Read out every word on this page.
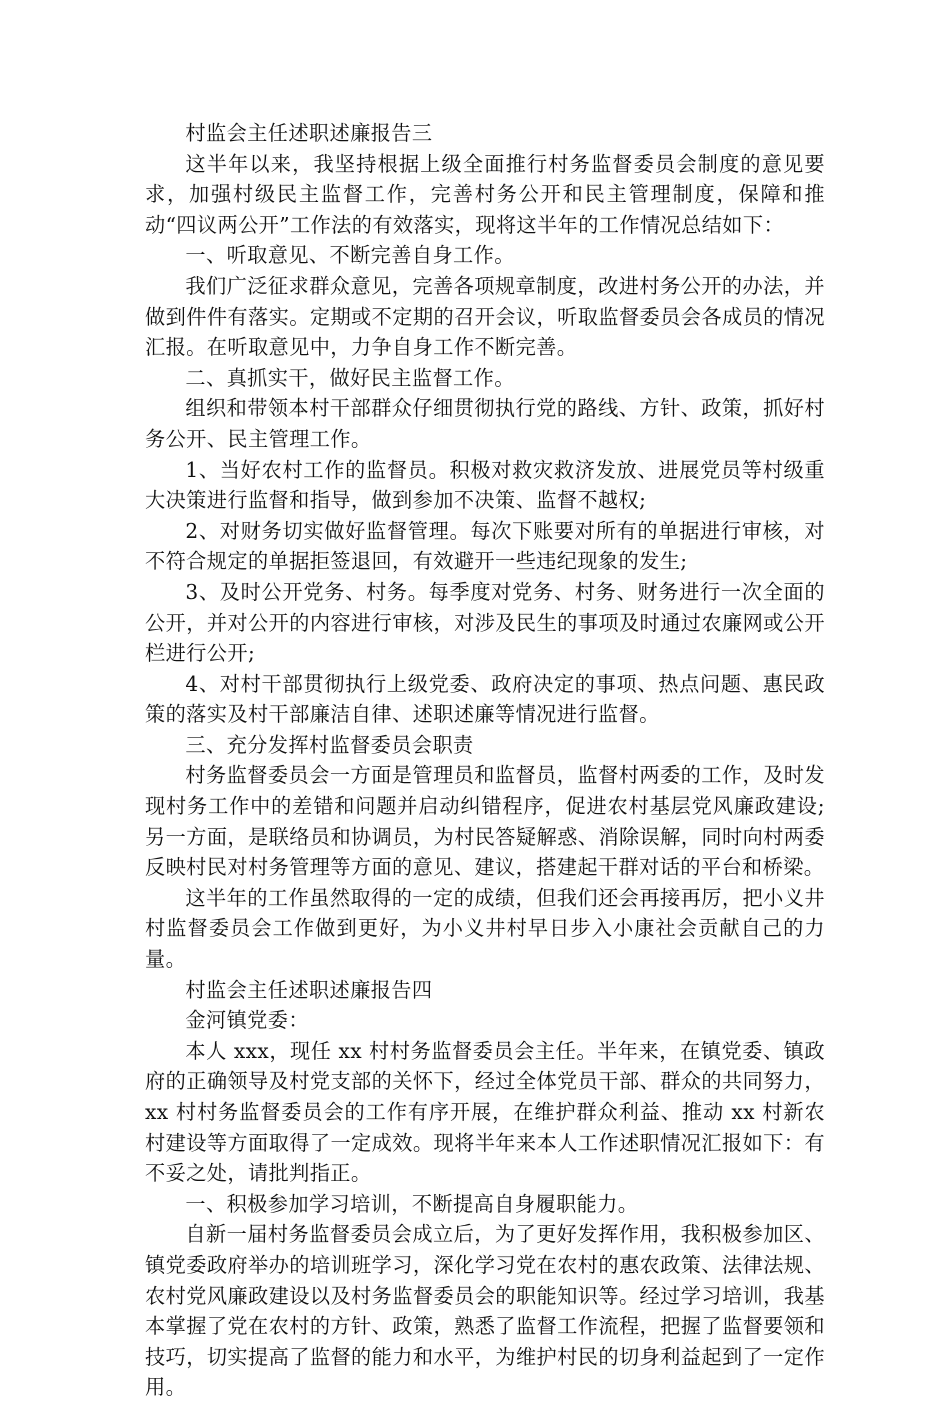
村监会主任述职述廉报告三

这半年以来，我坚持根据上级全面推行村务监督委员会制度的意见要求，加强村级民主监督工作，完善村务公开和民主管理制度，保障和推动“四议两公开”工作法的有效落实，现将这半年的工作情况总结如下：

一、听取意见、不断完善自身工作。

我们广泛征求群众意见，完善各项规章制度，改进村务公开的办法，并做到件件有落实。定期或不定期的召开会议，听取监督委员会各成员的情况汇报。在听取意见中，力争自身工作不断完善。

二、真抓实干，做好民主监督工作。

组织和带领本村干部群众仔细贯彻执行党的路线、方针、政策，抓好村务公开、民主管理工作。

1、当好农村工作的监督员。积极对救灾救济发放、进展党员等村级重大决策进行监督和指导，做到参加不决策、监督不越权;

2、对财务切实做好监督管理。每次下账要对所有的单据进行审核，对不符合规定的单据拒签退回，有效避开一些违纪现象的发生;

3、及时公开党务、村务。每季度对党务、村务、财务进行一次全面的公开，并对公开的内容进行审核，对涉及民生的事项及时通过农廉网或公开栏进行公开;

4、对村干部贯彻执行上级党委、政府决定的事项、热点问题、惠民政策的落实及村干部廉洁自律、述职述廉等情况进行监督。

三、充分发挥村监督委员会职责

村务监督委员会一方面是管理员和监督员，监督村两委的工作，及时发现村务工作中的差错和问题并启动纠错程序，促进农村基层党风廉政建设;另一方面，是联络员和协调员，为村民答疑解惑、消除误解，同时向村两委反映村民对村务管理等方面的意见、建议，搭建起干群对话的平台和桥梁。

这半年的工作虽然取得的一定的成绩，但我们还会再接再厉，把小义井村监督委员会工作做到更好，为小义井村早日步入小康社会贡献自己的力量。

村监会主任述职述廉报告四

金河镇党委：

本人 xxx，现任 xx 村村务监督委员会主任。半年来，在镇党委、镇政府的正确领导及村党支部的关怀下，经过全体党员干部、群众的共同努力，xx 村村务监督委员会的工作有序开展，在维护群众利益、推动 xx 村新农村建设等方面取得了一定成效。现将半年来本人工作述职情况汇报如下：有不妥之处，请批判指正。

一、积极参加学习培训，不断提高自身履职能力。

自新一届村务监督委员会成立后，为了更好发挥作用，我积极参加区、镇党委政府举办的培训班学习，深化学习党在农村的惠农政策、法律法规、农村党风廉政建设以及村务监督委员会的职能知识等。经过学习培训，我基本掌握了党在农村的方针、政策，熟悉了监督工作流程，把握了监督要领和技巧，切实提高了监督的能力和水平，为维护村民的切身利益起到了一定作用。
